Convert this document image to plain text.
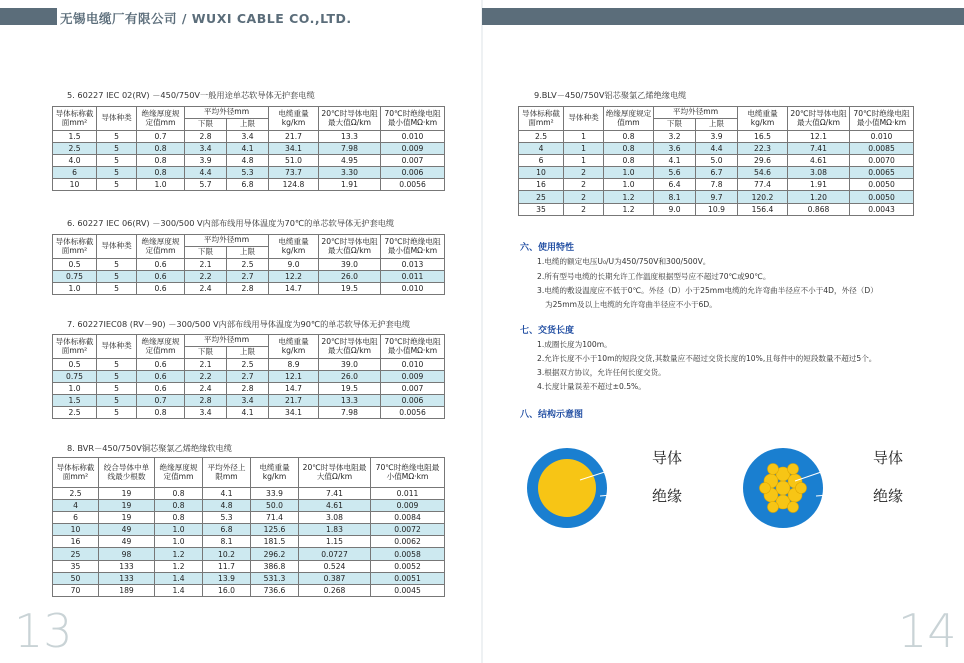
无锡电缆厂有限公司 / WUXI CABLE CO.,LTD.
5. 60227 IEC 02(RV) －450/750V一般用途单芯软导体无护套电缆
导体标称截面mm²	导体种类	绝缘厚度规定值mm	平均外径mm		电缆重量kg/km	20℃时导体电阻最大值Ω/km	70℃时绝缘电阻最小值MΩ·km
			下限	上限			
1.5	5	0.7	2.8	3.4	21.7	13.3	0.010
2.5	5	0.8	3.4	4.1	34.1	7.98	0.009
4.0	5	0.8	3.9	4.8	51.0	4.95	0.007
6	5	0.8	4.4	5.3	73.7	3.30	0.006
10	5	1.0	5.7	6.8	124.8	1.91	0.0056
6. 60227 IEC 06(RV) －300/500 V内部布线用导体温度为70℃的单芯软导体无护套电缆
导体标称截面mm²	导体种类	绝缘厚度规定值mm	平均外径mm		电缆重量kg/km	20℃时导体电阻最大值Ω/km	70℃时绝缘电阻最小值MΩ·km
			下限	上限			
0.5	5	0.6	2.1	2.5	9.0	39.0	0.013
0.75	5	0.6	2.2	2.7	12.2	26.0	0.011
1.0	5	0.6	2.4	2.8	14.7	19.5	0.010
7. 60227IEC08 (RV－90) －300/500 V内部布线用导体温度为90℃的单芯软导体无护套电缆
导体标称截面mm²	导体种类	绝缘厚度规定值mm	平均外径mm		电缆重量kg/km	20℃时导体电阻最大值Ω/km	70℃时绝缘电阻最小值MΩ·km
			下限	上限			
0.5	5	0.6	2.1	2.5	8.9	39.0	0.010
0.75	5	0.6	2.2	2.7	12.1	26.0	0.009
1.0	5	0.6	2.4	2.8	14.7	19.5	0.007
1.5	5	0.7	2.8	3.4	21.7	13.3	0.006
2.5	5	0.8	3.4	4.1	34.1	7.98	0.0056
8. BVR－450/750V铜芯聚氯乙烯绝缘软电缆
导体标称截面mm²	绞合导体中单线最少根数	绝缘厚度规定值mm	平均外径上限mm	电缆重量kg/km	20℃时导体电阻最大值Ω/km	70℃时绝缘电阻最小值MΩ·km
2.5	19	0.8	4.1	33.9	7.41	0.011
4	19	0.8	4.8	50.0	4.61	0.009
6	19	0.8	5.3	71.4	3.08	0.0084
10	49	1.0	6.8	125.6	1.83	0.0072
16	49	1.0	8.1	181.5	1.15	0.0062
25	98	1.2	10.2	296.2	0.0727	0.0058
35	133	1.2	11.7	386.8	0.524	0.0052
50	133	1.4	13.9	531.3	0.387	0.0051
70	189	1.4	16.0	736.6	0.268	0.0045
9.BLV－450/750V铝芯聚氯乙烯绝缘电缆
导体标称截面mm²	导体种类	绝缘厚度规定值mm	平均外径mm		电缆重量kg/km	20℃时导体电阻最大值Ω/km	70℃时绝缘电阻最小值MΩ·km
			下限	上限			
2.5	1	0.8	3.2	3.9	16.5	12.1	0.010
4	1	0.8	3.6	4.4	22.3	7.41	0.0085
6	1	0.8	4.1	5.0	29.6	4.61	0.0070
10	2	1.0	5.6	6.7	54.6	3.08	0.0065
16	2	1.0	6.4	7.8	77.4	1.91	0.0050
25	2	1.2	8.1	9.7	120.2	1.20	0.0050
35	2	1.2	9.0	10.9	156.4	0.868	0.0043
六、使用特性
1.电缆的额定电压U₀/U为450/750V和300/500V。
2.所有型号电缆的长期允许工作温度根据型号应不超过70℃或90℃。
3.电缆的敷设温度应不低于0℃。外径（D）小于25mm电缆的允许弯曲半径应不小于4D，外径（D）
为25mm及以上电缆的允许弯曲半径应不小于6D。
七、交货长度
1.成圈长度为100m。
2.允许长度不小于10m的短段交货,其数量应不超过交货长度的10%,且每件中的短段数量不超过5个。
3.根据双方协议，允许任何长度交货。
4.长度计量误差不超过±0.5%。
八、结构示意图
导体
绝缘
导体
绝缘
13	14
